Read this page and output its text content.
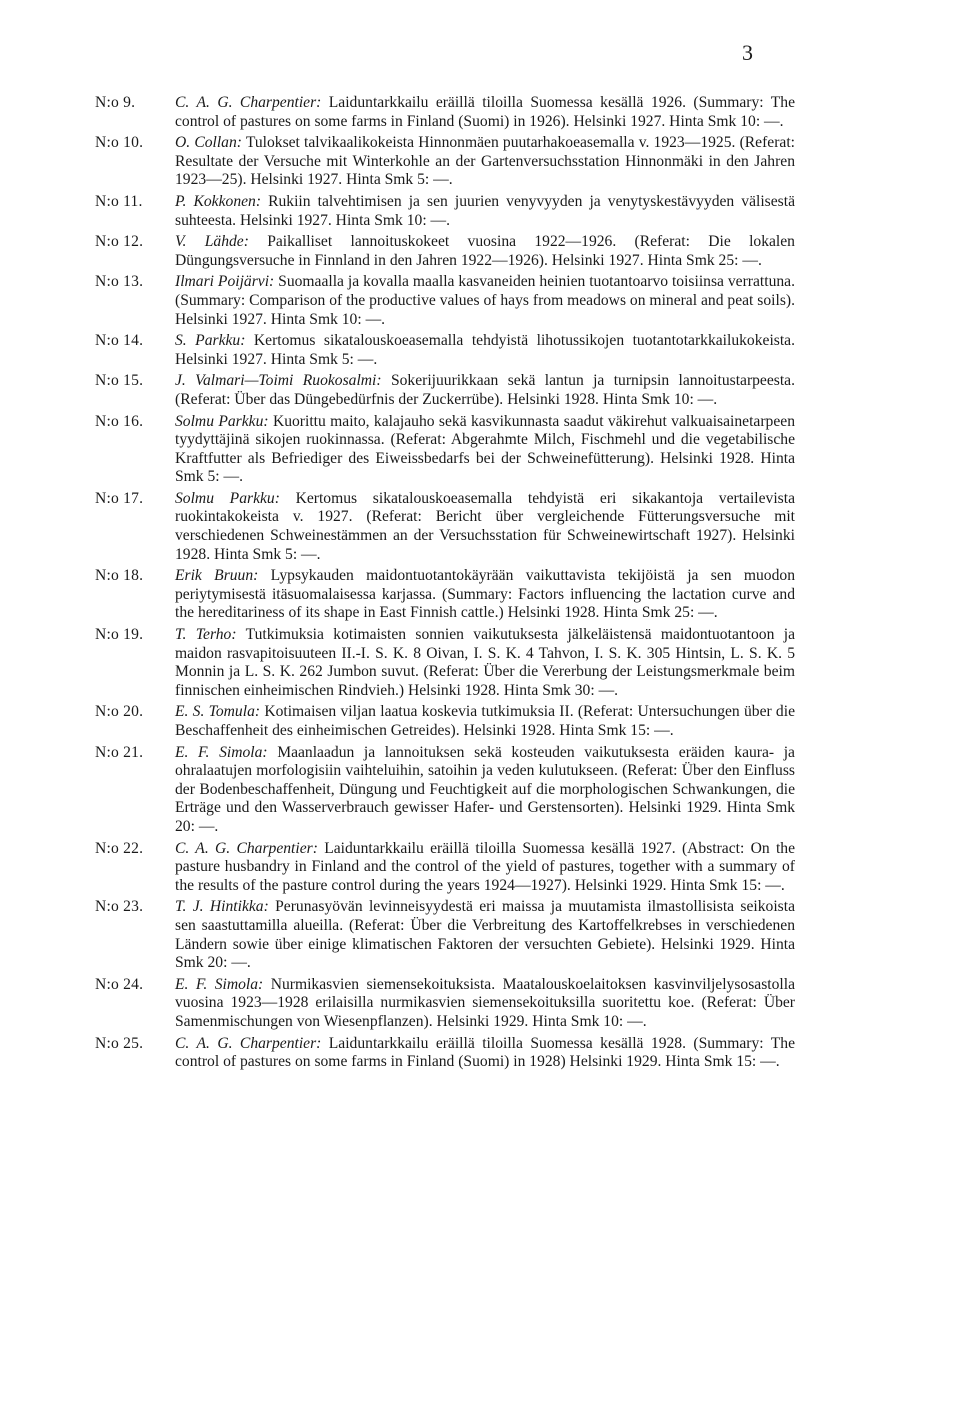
3
N:o 9.	C. A. G. Charpentier: Laiduntarkkailu eräillä tiloilla Suomessa kesällä 1926. (Summary: The control of pastures on some farms in Finland (Suomi) in 1926). Helsinki 1927. Hinta Smk 10: —.
N:o 10.	O. Collan: Tulokset talvikaalikokeista Hinnonmäen puutarhakoeasemalla v. 1923—1925. (Referat: Resultate der Versuche mit Winterkohle an der Gartenversuchsstation Hinnonmäki in den Jahren 1923—25). Helsinki 1927. Hinta Smk 5: —.
N:o 11.	P. Kokkonen: Rukiin talvehtimisen ja sen juurien venyvyyden ja venytyskestävyyden välisestä suhteesta. Helsinki 1927. Hinta Smk 10: —.
N:o 12.	V. Lähde: Paikalliset lannoituskokeet vuosina 1922—1926. (Referat: Die lokalen Düngungsversuche in Finnland in den Jahren 1922—1926). Helsinki 1927. Hinta Smk 25: —.
N:o 13.	Ilmari Poijärvi: Suomaalla ja kovalla maalla kasvaneiden heinien tuotantoarvo toisiinsa verrattuna. (Summary: Comparison of the productive values of hays from meadows on mineral and peat soils). Helsinki 1927. Hinta Smk 10: —.
N:o 14.	S. Parkku: Kertomus sikatalouskoeasemalla tehdyistä lihotussikojen tuotantotarkkailukokeista. Helsinki 1927. Hinta Smk 5: —.
N:o 15.	J. Valmari—Toimi Ruokosalmi: Sokerijuurikkaan sekä lantun ja turnipsin lannoitustarpeesta. (Referat: Über das Düngebedürfnis der Zuckerrübe). Helsinki 1928. Hinta Smk 10: —.
N:o 16.	Solmu Parkku: Kuorittu maito, kalajauho sekä kasvikunnasta saadut väkirehut valkuaisainetarpeen tyydyttäjinä sikojen ruokinnassa. (Referat: Abgerahmte Milch, Fischmehl und die vegetabilische Kraftfutter als Befriediger des Eiweissbedarfs bei der Schweinefütterung). Helsinki 1928. Hinta Smk 5: —.
N:o 17.	Solmu Parkku: Kertomus sikatalouskoeasemalla tehdyistä eri sikakantoja vertailevista ruokintakokeista v. 1927. (Referat: Bericht über vergleichende Fütterungsversuche mit verschiedenen Schweinestämmen an der Versuchsstation für Schweinewirtschaft 1927). Helsinki 1928. Hinta Smk 5: —.
N:o 18.	Erik Bruun: Lypsykauden maidontuotantokäyrään vaikuttavista tekijöistä ja sen muodon periytymisestä itäsuomalaisessa karjassa. (Summary: Factors influencing the lactation curve and the hereditariness of its shape in East Finnish cattle.) Helsinki 1928. Hinta Smk 25: —.
N:o 19.	T. Terho: Tutkimuksia kotimaisten sonnien vaikutuksesta jälkeläistensä maidontuotantoon ja maidon rasvapitoisuuteen II.-I. S. K. 8 Oivan, I. S. K. 4 Tahvon, I. S. K. 305 Hintsin, L. S. K. 5 Monnin ja L. S. K. 262 Jumbon suvut. (Referat: Über die Vererbung der Leistungsmerkmale beim finnischen einheimischen Rindvieh.) Helsinki 1928. Hinta Smk 30: —.
N:o 20.	E. S. Tomula: Kotimaisen viljan laatua koskevia tutkimuksia II. (Referat: Untersuchungen über die Beschaffenheit des einheimischen Getreides). Helsinki 1928. Hinta Smk 15: —.
N:o 21.	E. F. Simola: Maanlaadun ja lannoituksen sekä kosteuden vaikutuksesta eräiden kaura- ja ohralaatujen morfologisiin vaihteluihin, satoihin ja veden kulutukseen. (Referat: Über den Einfluss der Bodenbeschaffenheit, Düngung und Feuchtigkeit auf die morphologischen Schwankungen, die Erträge und den Wasserverbrauch gewisser Hafer- und Gerstensorten). Helsinki 1929. Hinta Smk 20: —.
N:o 22.	C. A. G. Charpentier: Laiduntarkkailu eräillä tiloilla Suomessa kesällä 1927. (Abstract: On the pasture husbandry in Finland and the control of the yield of pastures, together with a summary of the results of the pasture control during the years 1924—1927). Helsinki 1929. Hinta Smk 15: —.
N:o 23.	T. J. Hintikka: Perunasyövän levinneisyydestä eri maissa ja muutamista ilmastollisista seikoista sen saastuttamilla alueilla. (Referat: Über die Verbreitung des Kartoffelkrebses in verschiedenen Ländern sowie über einige klimatischen Faktoren der versuchten Gebiete). Helsinki 1929. Hinta Smk 20: —.
N:o 24.	E. F. Simola: Nurmikasvien siemensekoituksista. Maatalouskoelaitoksen kasvinviljelysosastolla vuosina 1923—1928 erilaisilla nurmikasvien siemensekoituksilla suoritettu koe. (Referat: Über Samenmischungen von Wiesenpflanzen). Helsinki 1929. Hinta Smk 10: —.
N:o 25.	C. A. G. Charpentier: Laiduntarkkailu eräillä tiloilla Suomessa kesällä 1928. (Summary: The control of pastures on some farms in Finland (Suomi) in 1928) Helsinki 1929. Hinta Smk 15: —.
